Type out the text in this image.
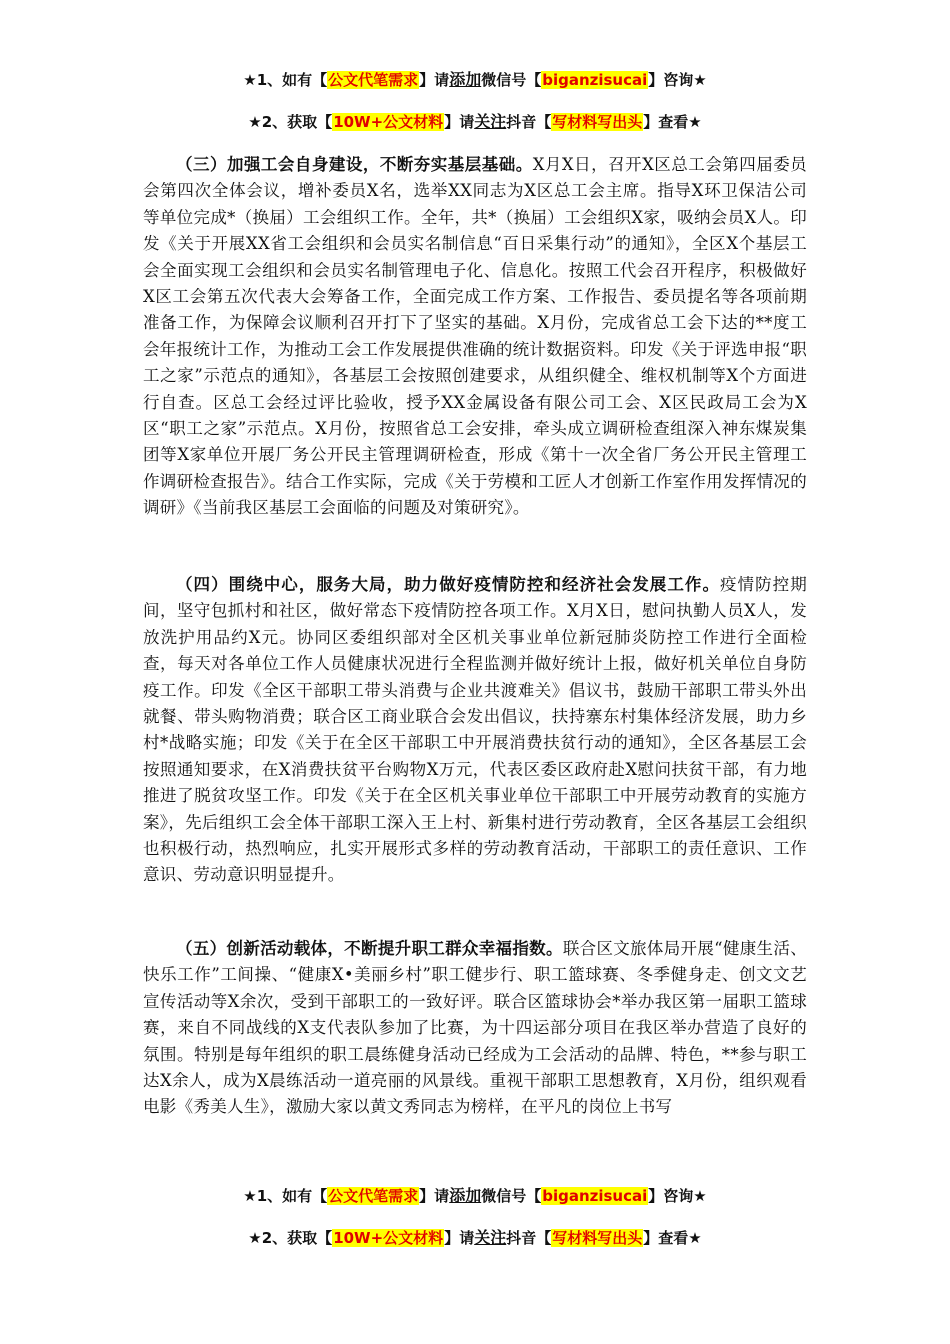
★1、如有【公文代笔需求】请添加微信号【biganzisucai】咨询★
★2、获取【10W+公文材料】请关注抖音【写材料写出头】查看★
（三）加强工会自身建设，不断夯实基层基础。X月X日，召开X区总工会第四届委员会第四次全体会议，增补委员X名，选举XX同志为X区总工会主席。指导X环卫保洁公司等单位完成*（换届）工会组织工作。全年，共*（换届）工会组织X家，吸纳会员X人。印发《关于开展XX省工会组织和会员实名制信息“百日采集行动”的通知》，全区X个基层工会全面实现工会组织和会员实名制管理电子化、信息化。按照工代会召开程序，积极做好X区工会第五次代表大会筹备工作，全面完成工作方案、工作报告、委员提名等各项前期准备工作，为保障会议顺利召开打下了坚实的基础。X月份，完成省总工会下达的**度工会年报统计工作，为推动工会工作发展提供准确的统计数据资料。印发《关于评选申报“职工之家”示范点的通知》，各基层工会按照创建要求，从组织健全、维权机制等X个方面进行自查。区总工会经过评比验收，授予XX金属设备有限公司工会、X区民政局工会为X区“职工之家”示范点。X月份，按照省总工会安排，牵头成立调研检查组深入神东煤炭集团等X家单位开展厂务公开民主管理调研检查，形成《第十一次全省厂务公开民主管理工作调研检查报告》。结合工作实际，完成《关于劳模和工匠人才创新工作室作用发挥情况的调研》《当前我区基层工会面临的问题及对策研究》。
（四）围绕中心，服务大局，助力做好疫情防控和经济社会发展工作。疫情防控期间，坚守包抓村和社区，做好常态下疫情防控各项工作。X月X日，慰问执勤人员X人，发放洗护用品约X元。协同区委组织部对全区机关事业单位新冠肺炎防控工作进行全面检查，每天对各单位工作人员健康状况进行全程监测并做好统计上报，做好机关单位自身防疫工作。印发《全区干部职工带头消费与企业共渡难关》倡议书，鼓励干部职工带头外出就餐、带头购物消费；联合区工商业联合会发出倡议，扶持寨东村集体经济发展，助力乡村*战略实施；印发《关于在全区干部职工中开展消费扶贫行动的通知》，全区各基层工会按照通知要求，在X消费扶贫平台购物X万元，代表区委区政府赴X慰问扶贫干部，有力地推进了脱贫攻坚工作。印发《关于在全区机关事业单位干部职工中开展劳动教育的实施方案》，先后组织工会全体干部职工深入王上村、新集村进行劳动教育，全区各基层工会组织也积极行动，热烈响应，扎实开展形式多样的劳动教育活动，干部职工的责任意识、工作意识、劳动意识明显提升。
（五）创新活动载体，不断提升职工群众幸福指数。联合区文旅体局开展“健康生活、快乐工作”工间操、“健康X•美丽乡村”职工健步行、职工篮球赛、冬季健身走、创文文艺宣传活动等X余次，受到干部职工的一致好评。联合区篮球协会*举办我区第一届职工篮球赛，来自不同战线的X支代表队参加了比赛，为十四运部分项目在我区举办营造了良好的氛围。特别是每年组织的职工晨练健身活动已经成为工会活动的品牌、特色，**参与职工达X余人，成为X晨练活动一道亮丽的风景线。重视干部职工思想教育，X月份，组织观看电影《秀美人生》，激励大家以黄文秀同志为榜样，在平凡的岗位上书写
★1、如有【公文代笔需求】请添加微信号【biganzisucai】咨询★
★2、获取【10W+公文材料】请关注抖音【写材料写出头】查看★
